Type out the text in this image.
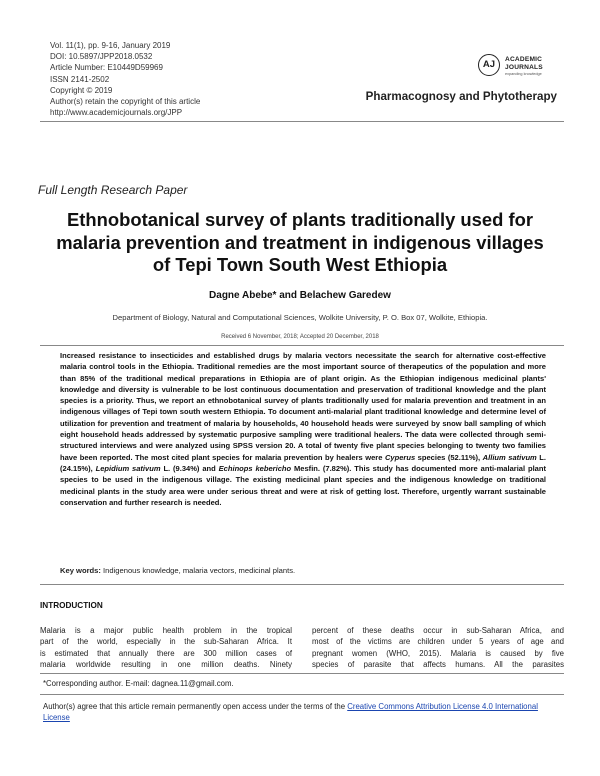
Vol. 11(1), pp. 9-16, January 2019
DOI: 10.5897/JPP2018.0532
Article Number: E10449D59969
ISSN 2141-2502
Copyright © 2019
Author(s) retain the copyright of this article
http://www.academicjournals.org/JPP
AJ	ACADEMIC
JOURNALS
expanding knowledge
Pharmacognosy and Phytotherapy
Full Length Research Paper
Ethnobotanical survey of plants traditionally used for
malaria prevention and treatment in indigenous villages
of Tepi Town South West Ethiopia
Dagne Abebe* and Belachew Garedew
Department of Biology, Natural and Computational Sciences, Wolkite University, P. O. Box 07, Wolkite, Ethiopia.
Received 6 November, 2018; Accepted 20 December, 2018
Increased resistance to insecticides and established drugs by malaria vectors necessitate the search for alternative cost-effective malaria control tools in the Ethiopia. Traditional remedies are the most important source of therapeutics of the population and more than 85% of the traditional medical preparations in Ethiopia are of plant origin. As the Ethiopian indigenous medicinal plants' knowledge and diversity is vulnerable to be lost continuous documentation and preservation of traditional knowledge and the plant species is a priority. Thus, we report an ethnobotanical survey of plants traditionally used for malaria prevention and treatment in an indigenous villages of Tepi town south western Ethiopia. To document anti-malarial plant traditional knowledge and determine level of utilization for prevention and treatment of malaria by households, 40 household heads were surveyed by snow ball sampling of which eight household heads addressed by systematic purposive sampling were traditional healers. The data were collected through semi-structured interviews and were analyzed using SPSS version 20. A total of twenty five plant species belonging to twenty two families have been reported. The most cited plant species for malaria prevention by healers were Cyperus species (52.11%), Allium sativum L. (24.15%), Lepidium sativum L. (9.34%) and Echinops kebericho Mesfin. (7.82%). This study has documented more anti-malarial plant species to be used in the indigenous village. The existing medicinal plant species and the indigenous knowledge on traditional medicinal plants in the study area were under serious threat and were at risk of getting lost. Therefore, urgently warrant sustainable conservation and further research is needed.
Key words: Indigenous knowledge, malaria vectors, medicinal plants.
INTRODUCTION
Malaria is a major public health problem in the tropical
part of the world, especially in the sub-Saharan Africa. It
is estimated that annually there are 300 million cases of
malaria worldwide resulting in one million deaths. Ninety
percent of these deaths occur in sub-Saharan Africa, and
most of the victims are children under 5 years of age and
pregnant women (WHO, 2015). Malaria is caused by five
species of parasite that affects humans. All the parasites
*Corresponding author. E-mail: dagnea.11@gmail.com.
Author(s) agree that this article remain permanently open access under the terms of the Creative Commons Attribution License 4.0 International License
